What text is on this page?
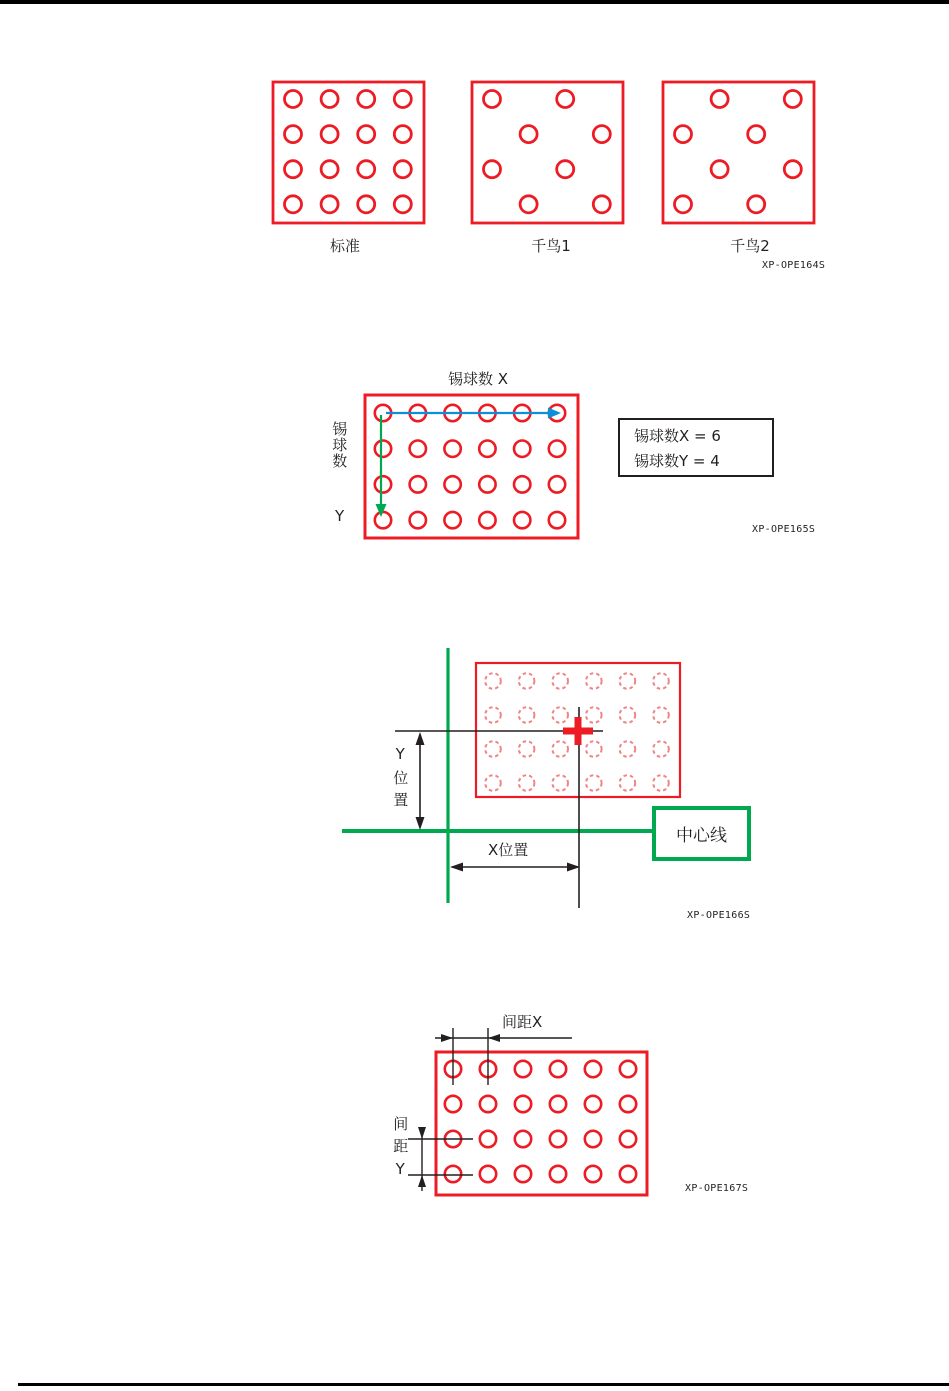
标准	千鸟1	千鸟2
XP-OPE164S
锡球数 X
锡球数
Y
锡球数X = 6
锡球数Y = 4
XP-OPE165S
Y位置
X位置
中心线
XP-OPE166S
间距X
间距Y
XP-OPE167S
